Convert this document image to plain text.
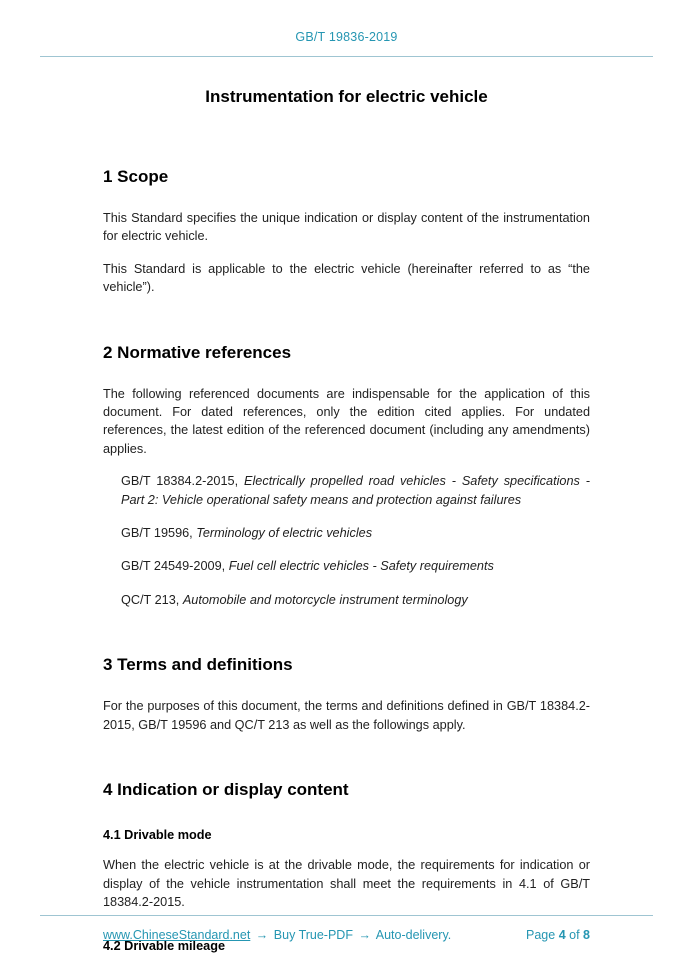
GB/T 19836-2019
Instrumentation for electric vehicle
1 Scope

This Standard specifies the unique indication or display content of the instrumentation for electric vehicle.

This Standard is applicable to the electric vehicle (hereinafter referred to as “the vehicle”).

2 Normative references

The following referenced documents are indispensable for the application of this document. For dated references, only the edition cited applies. For undated references, the latest edition of the referenced document (including any amendments) applies.

GB/T 18384.2-2015, Electrically propelled road vehicles - Safety specifications - Part 2: Vehicle operational safety means and protection against failures

GB/T 19596, Terminology of electric vehicles

GB/T 24549-2009, Fuel cell electric vehicles - Safety requirements

QC/T 213, Automobile and motorcycle instrument terminology

3 Terms and definitions

For the purposes of this document, the terms and definitions defined in GB/T 18384.2-2015, GB/T 19596 and QC/T 213 as well as the followings apply.

4 Indication or display content
4.1 Drivable mode

When the electric vehicle is at the drivable mode, the requirements for indication or display of the vehicle instrumentation shall meet the requirements in 4.1 of GB/T 18384.2-2015.

4.2 Drivable mileage
www.ChineseStandard.net → Buy True-PDF → Auto-delivery.	Page 4 of 8
